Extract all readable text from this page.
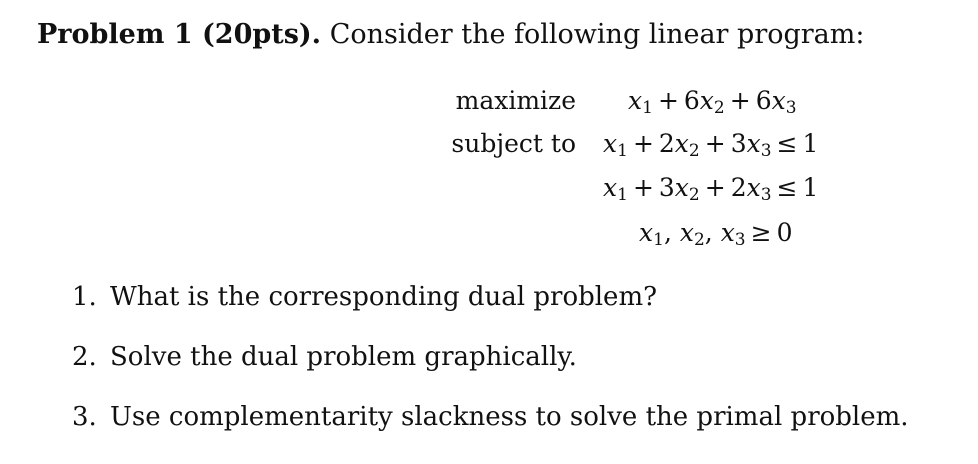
Problem 1 (20pts). Consider the following linear program:
maximize
subject to
$x_1 + 6x_2 + 6x_3$
$x_1 + 2x_2 + 3x_3 \le 1$
$x_1 + 3x_2 + 2x_3 \le 1$
$x_1$, $x_2$, $x_3 \ge 0$
1. What is the corresponding dual problem?
2. Solve the dual problem graphically.
3. Use complementarity slackness to solve the primal problem.
